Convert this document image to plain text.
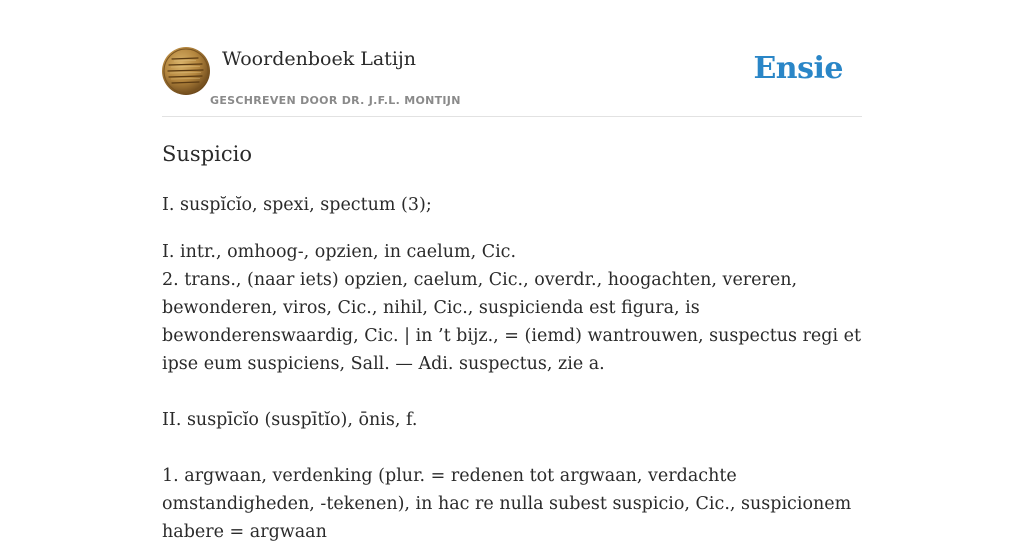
Woordenboek Latijn
GESCHREVEN DOOR DR. J.F.L. MONTIJN
Ensie
Suspicio
I. suspĭcĭo, spexi, spectum (3);
I. intr., omhoog-, opzien, in caelum, Cic.
2. trans., (naar iets) opzien, caelum, Cic., overdr., hoogachten, vereren, bewonderen, viros, Cic., nihil, Cic., suspicienda est figura, is bewonderenswaardig, Cic. | in ’t bijz., = (iemd) wantrouwen, suspectus regi et ipse eum suspiciens, Sall. — Adi. suspectus, zie a.

II. suspīcĭo (suspītĭo), ōnis, f.

1. argwaan, verdenking (plur. = redenen tot argwaan, verdachte omstandigheden, -tekenen), in hac re nulla subest suspicio, Cic., suspicionem habere = argwaan
